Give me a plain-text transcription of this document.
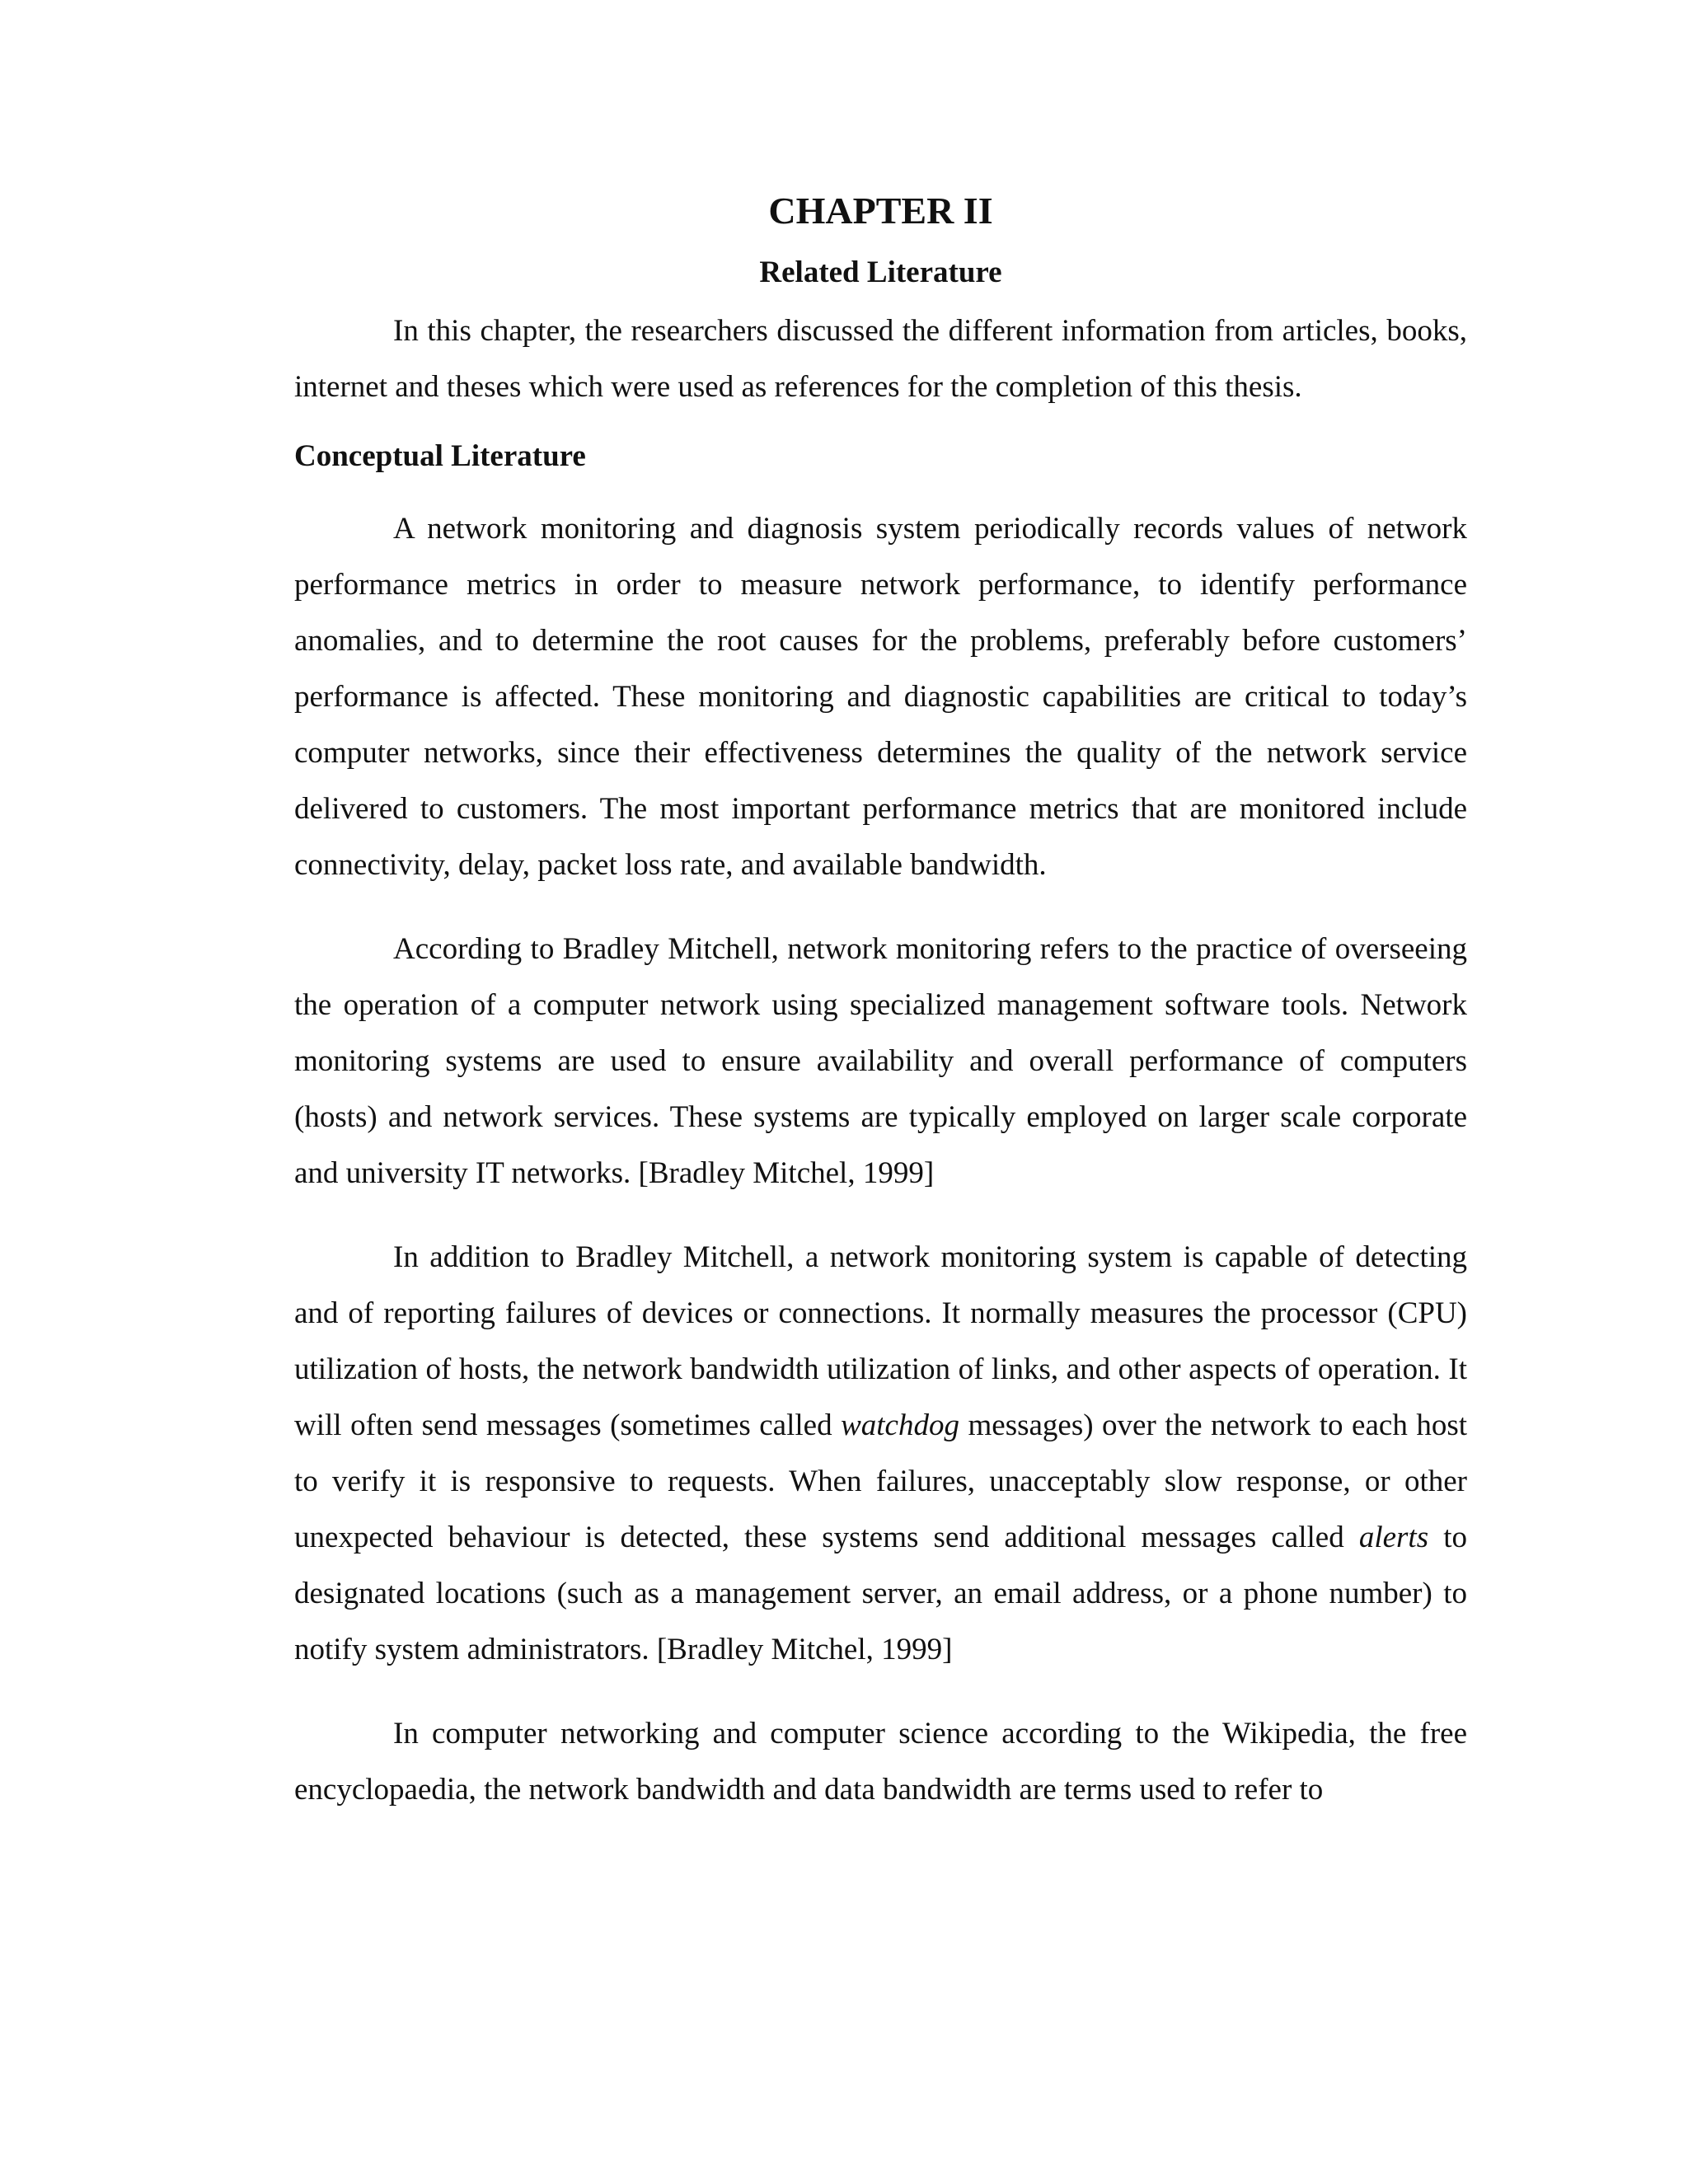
CHAPTER II
Related Literature

In this chapter, the researchers discussed the different information from articles, books, internet and theses which were used as references for the completion of this thesis.

Conceptual Literature

A network monitoring and diagnosis system periodically records values of network performance metrics in order to measure network performance, to identify performance anomalies, and to determine the root causes for the problems, preferably before customers’ performance is affected. These monitoring and diagnostic capabilities are critical to today’s computer networks, since their effectiveness determines the quality of the network service delivered to customers. The most important performance metrics that are monitored include connectivity, delay, packet loss rate, and available bandwidth.

According to Bradley Mitchell, network monitoring refers to the practice of overseeing the operation of a computer network using specialized management software tools. Network monitoring systems are used to ensure availability and overall performance of computers (hosts) and network services. These systems are typically employed on larger scale corporate and university IT networks. [Bradley Mitchel, 1999]

In addition to Bradley Mitchell, a network monitoring system is capable of detecting and of reporting failures of devices or connections. It normally measures the processor (CPU) utilization of hosts, the network bandwidth utilization of links, and other aspects of operation. It will often send messages (sometimes called watchdog messages) over the network to each host to verify it is responsive to requests. When failures, unacceptably slow response, or other unexpected behaviour is detected, these systems send additional messages called alerts to designated locations (such as a management server, an email address, or a phone number) to notify system administrators. [Bradley Mitchel, 1999]

In computer networking and computer science according to the Wikipedia, the free encyclopaedia, the network bandwidth and data bandwidth are terms used to refer to
